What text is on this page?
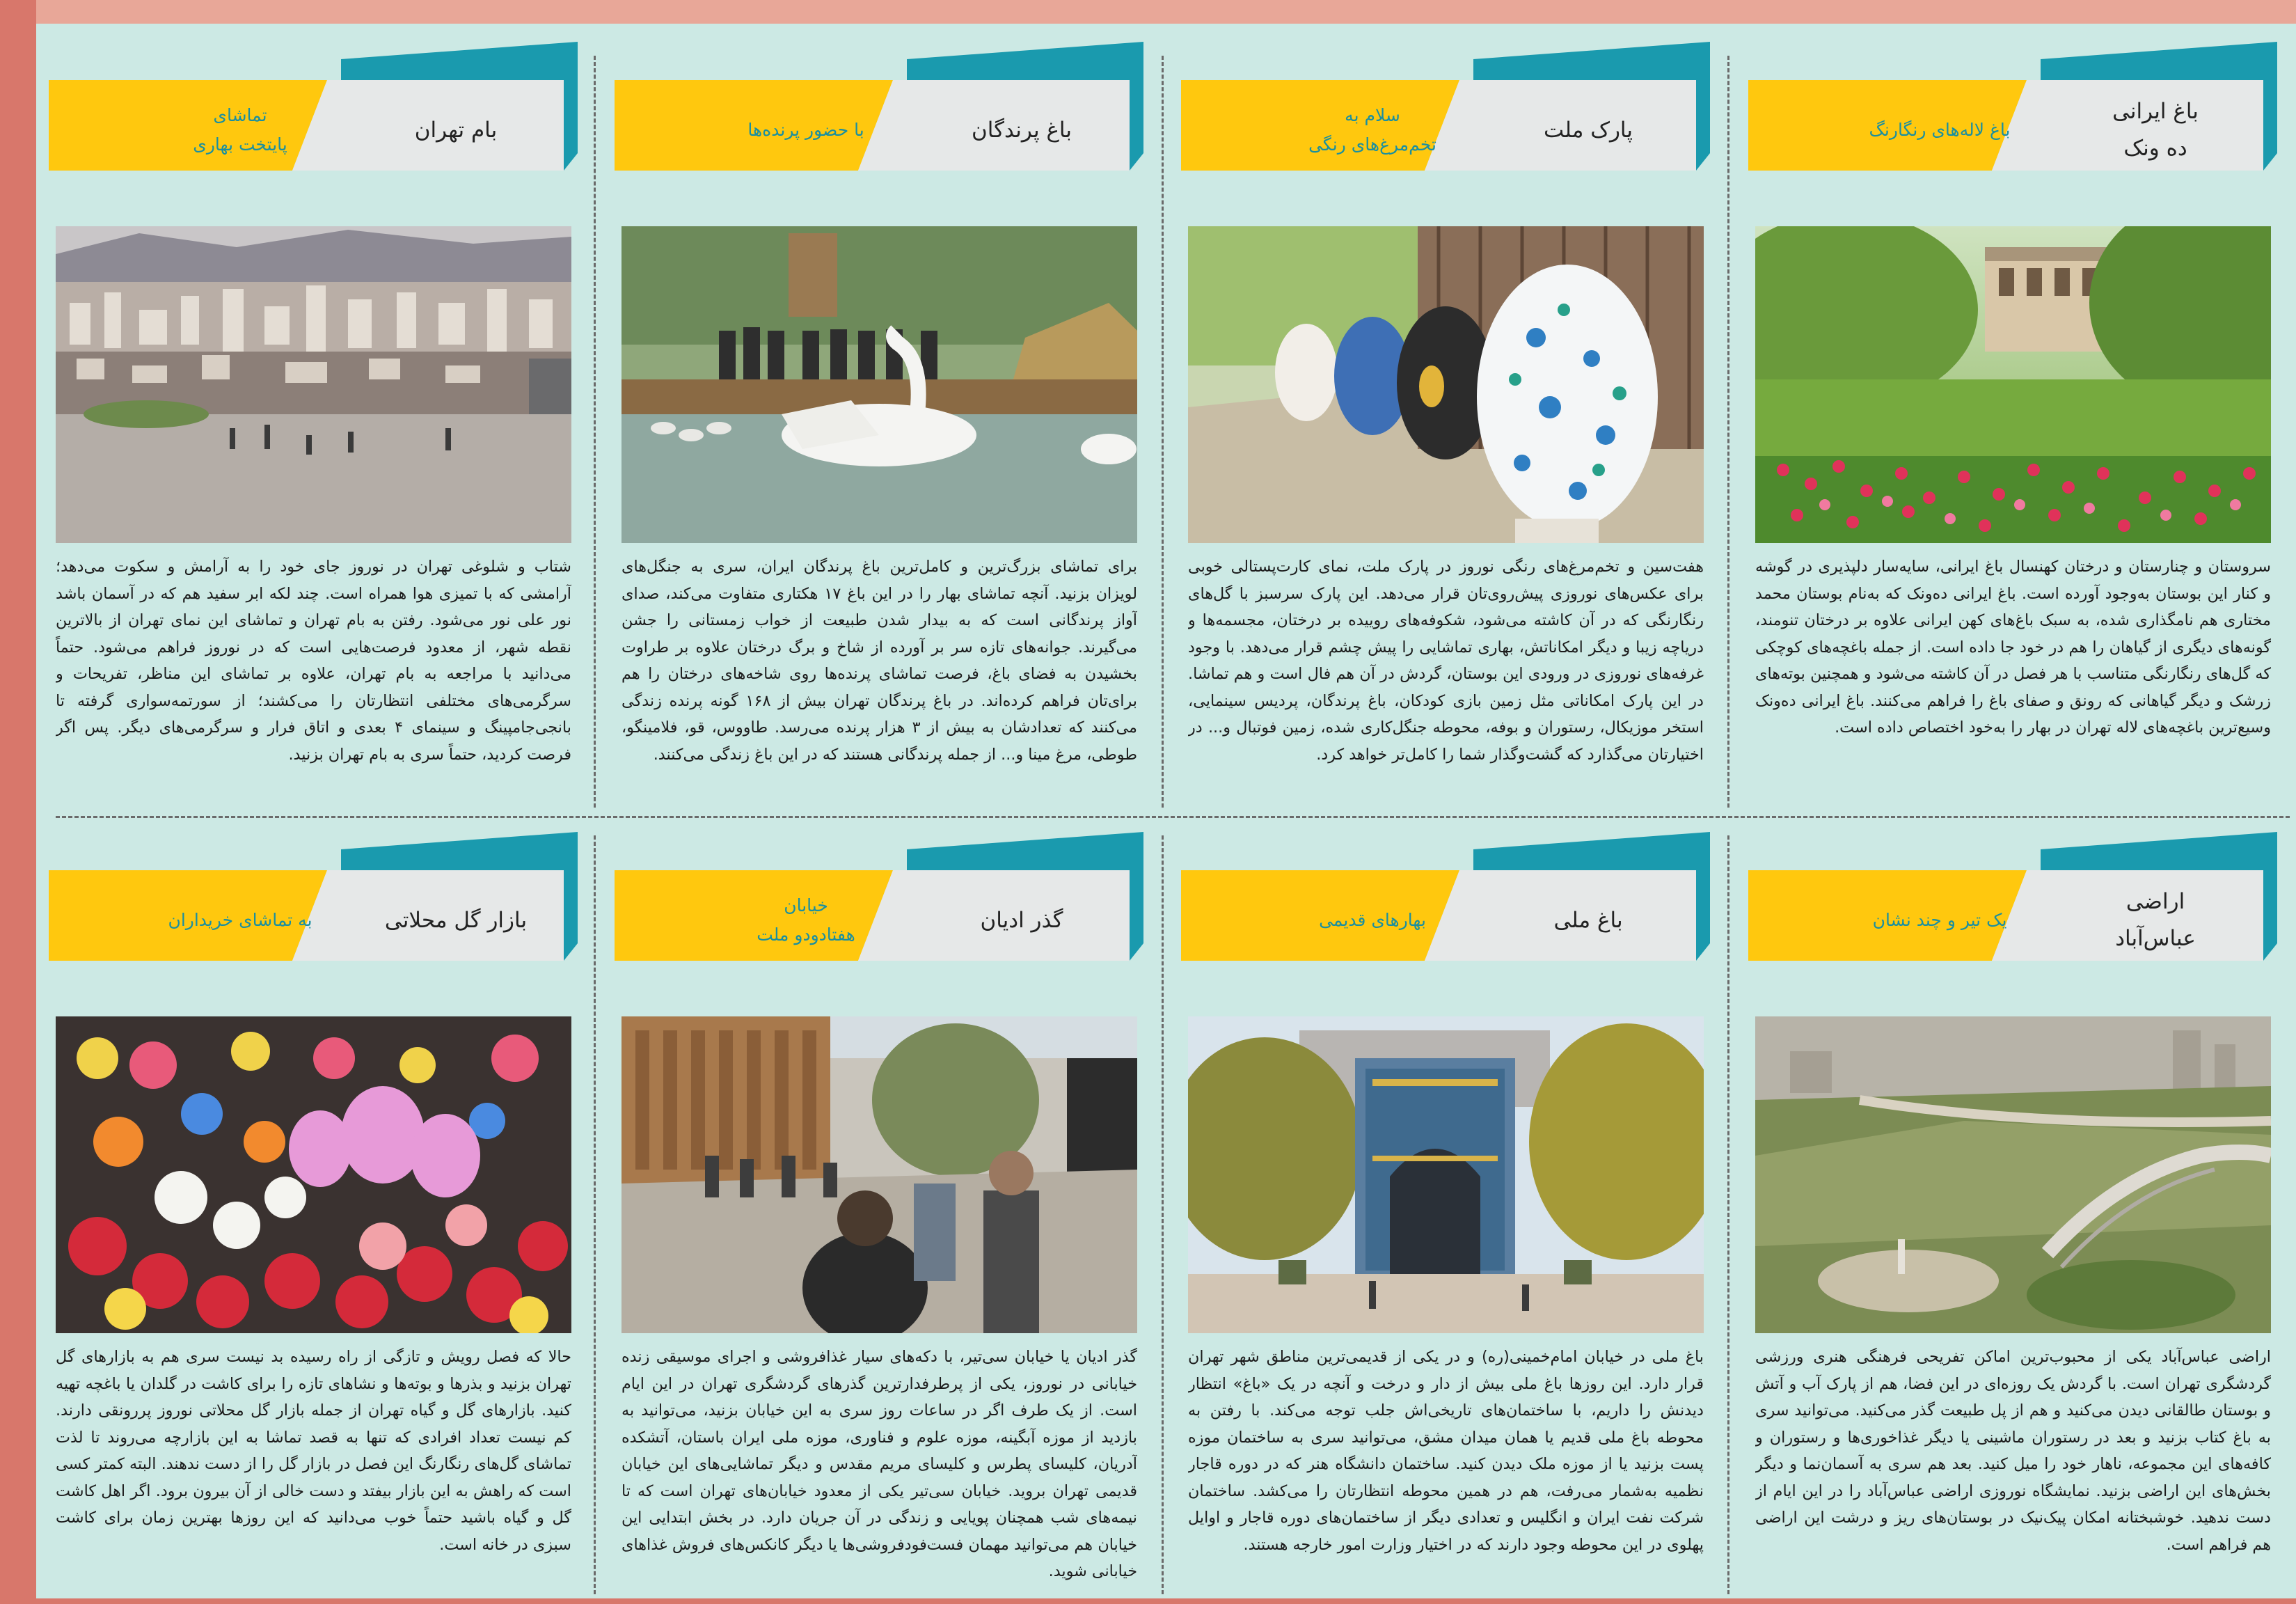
باغ ایرانی
ده ونک
باغ لاله‌های رنگارنگ
سروستان و چنارستان و درختان کهنسال باغ ایرانی، سایه‌سار دلپذیری در گوشه و کنار این بوستان به‌وجود آورده است. باغ ایرانی ده‌ونک که به‌نام بوستان محمد مختاری هم نامگذاری شده، به سبک باغ‌های کهن ایرانی علاوه بر درختان تنومند، گونه‌های دیگری از گیاهان را هم در خود جا داده است. از جمله باغچه‌های کوچکی که گل‌های رنگارنگی متناسب با هر فصل در آن کاشته می‌شود و همچنین بوته‌های زرشک و دیگر گیاهانی که رونق و صفای باغ را فراهم می‌کنند. باغ ایرانی ده‌ونک وسیع‌ترین باغچه‌های لاله تهران در بهار را به‌خود اختصاص داده است.
پارک ملت
سلام به
تخم‌مرغ‌های رنگی
هفت‌سین و تخم‌مرغ‌های رنگی نوروز در پارک ملت، نمای کارت‌پستالی خوبی برای عکس‌های نوروزی پیش‌روی‌تان قرار می‌دهد. این پارک سرسبز با گل‌های رنگارنگی که در آن کاشته می‌شود، شکوفه‌های روییده بر درختان، مجسمه‌ها و دریاچه زیبا و دیگر امکاناتش، بهاری تماشایی را پیش چشم قرار می‌دهد. با وجود غرفه‌های نوروزی در ورودی این بوستان، گردش در آن هم فال است و هم تماشا. در این پارک امکاناتی مثل زمین بازی کودکان، باغ پرندگان، پردیس سینمایی، استخر موزیکال، رستوران و بوفه، محوطه جنگل‌کاری شده، زمین فوتبال و... در اختیارتان می‌گذارد که گشت‌وگذار شما را کامل‌تر خواهد کرد.
باغ پرندگان
با حضور پرنده‌ها
برای تماشای بزرگ‌ترین و کامل‌ترین باغ پرندگان ایران، سری به جنگل‌های لویزان بزنید. آنچه تماشای بهار را در این باغ ۱۷ هکتاری متفاوت می‌کند، صدای آواز پرندگانی است که به بیدار شدن طبیعت از خواب زمستانی را جشن می‌گیرند. جوانه‌های تازه سر بر آورده از شاخ و برگ درختان علاوه بر طراوت بخشیدن به فضای باغ، فرصت تماشای پرنده‌ها روی شاخه‌های درختان را هم برای‌تان فراهم کرده‌اند. در باغ پرندگان تهران بیش از ۱۶۸ گونه پرنده زندگی می‌کنند که تعدادشان به بیش از ۳ هزار پرنده می‌رسد. طاووس، قو، فلامینگو، طوطی، مرغ مینا و... از جمله پرندگانی هستند که در این باغ زندگی می‌کنند.
بام تهران
تماشای
پایتخت بهاری
شتاب و شلوغی تهران در نوروز جای خود را به آرامش و سکوت می‌دهد؛ آرامشی که با تمیزی هوا همراه است. چند لکه ابر سفید هم که در آسمان باشد نور علی نور می‌شود. رفتن به بام تهران و تماشای این نمای تهران از بالاترین نقطه شهر، از معدود فرصت‌هایی است که در نوروز فراهم می‌شود. حتماً می‌دانید با مراجعه به بام تهران، علاوه بر تماشای این مناظر، تفریحات و سرگرمی‌های مختلفی انتظارتان را می‌کشند؛ از سورتمه‌سواری گرفته تا بانجی‌جامپینگ و سینمای ۴ بعدی و اتاق فرار و سرگرمی‌های دیگر. پس اگر فرصت کردید، حتماً سری به بام تهران بزنید.
اراضی
عباس‌آباد
یک تیر و چند نشان
اراضی عباس‌آباد یکی از محبوب‌ترین اماکن تفریحی فرهنگی هنری ورزشی گردشگری تهران است. با گردش یک روزه‌ای در این فضا، هم از پارک آب و آتش و بوستان طالقانی دیدن می‌کنید و هم از پل طبیعت گذر می‌کنید. می‌توانید سری به باغ کتاب بزنید و بعد در رستوران ماشینی یا دیگر غذاخوری‌ها و رستوران و کافه‌های این مجموعه، ناهار خود را میل کنید. بعد هم سری به آسمان‌نما و دیگر بخش‌های این اراضی بزنید. نمایشگاه نوروزی اراضی عباس‌آباد را در این ایام از دست ندهید. خوشبختانه امکان پیک‌نیک در بوستان‌های ریز و درشت این اراضی هم فراهم است.
باغ ملی
بهارهای قدیمی
باغ ملی در خیابان امام‌خمینی(ره) و در یکی از قدیمی‌ترین مناطق شهر تهران قرار دارد. این روزها باغ ملی بیش از دار و درخت و آنچه در یک «باغ» انتظار دیدنش را داریم، با ساختمان‌های تاریخی‌اش جلب توجه می‌کند. با رفتن به محوطه باغ ملی قدیم یا همان میدان مشق، می‌توانید سری به ساختمان موزه پست بزنید یا از موزه ملک دیدن کنید. ساختمان دانشگاه هنر که در دوره قاجار نظمیه به‌شمار می‌رفت، هم در همین محوطه انتظارتان را می‌کشد. ساختمان شرکت نفت ایران و انگلیس و تعدادی دیگر از ساختمان‌های دوره قاجار و اوایل پهلوی در این محوطه وجود دارند که در اختیار وزارت امور خارجه هستند.
گذر ادیان
خیابان
هفتادودو ملت
گذر ادیان یا خیابان سی‌تیر، با دکه‌های سیار غذافروشی و اجرای موسیقی زنده خیابانی در نوروز، یکی از پرطرفدارترین گذرهای گردشگری تهران در این ایام است. از یک طرف اگر در ساعات روز سری به این خیابان بزنید، می‌توانید به بازدید از موزه آبگینه، موزه علوم و فناوری، موزه ملی ایران باستان، آتشکده آدریان، کلیسای پطرس و کلیسای مریم مقدس و دیگر تماشایی‌های این خیابان قدیمی تهران بروید. خیابان سی‌تیر یکی از معدود خیابان‌های تهران است که تا نیمه‌های شب همچنان پویایی و زندگی در آن جریان دارد. در بخش ابتدایی این خیابان هم می‌توانید مهمان فست‌فودفروشی‌ها یا دیگر کانکس‌های فروش غذاهای خیابانی شوید.
بازار گل محلاتی
به تماشای خریداران‌
حالا که فصل رویش و تازگی از راه رسیده بد نیست سری هم به بازارهای گل تهران بزنید و بذرها و بوته‌ها و نشاهای تازه را برای کاشت در گلدان یا باغچه تهیه کنید. بازارهای گل و گیاه تهران از جمله بازار گل محلاتی نوروز پررونقی دارند. کم نیست تعداد افرادی که تنها به قصد تماشا به این بازارچه می‌روند تا لذت تماشای گل‌های رنگارنگ این فصل در بازار گل را از دست ندهند. البته کمتر کسی است که راهش به این بازار بیفتد و دست خالی از آن بیرون برود. اگر اهل کاشت گل و گیاه باشید حتماً خوب می‌دانید که این روزها بهترین زمان برای کاشت سبزی در خانه است.
